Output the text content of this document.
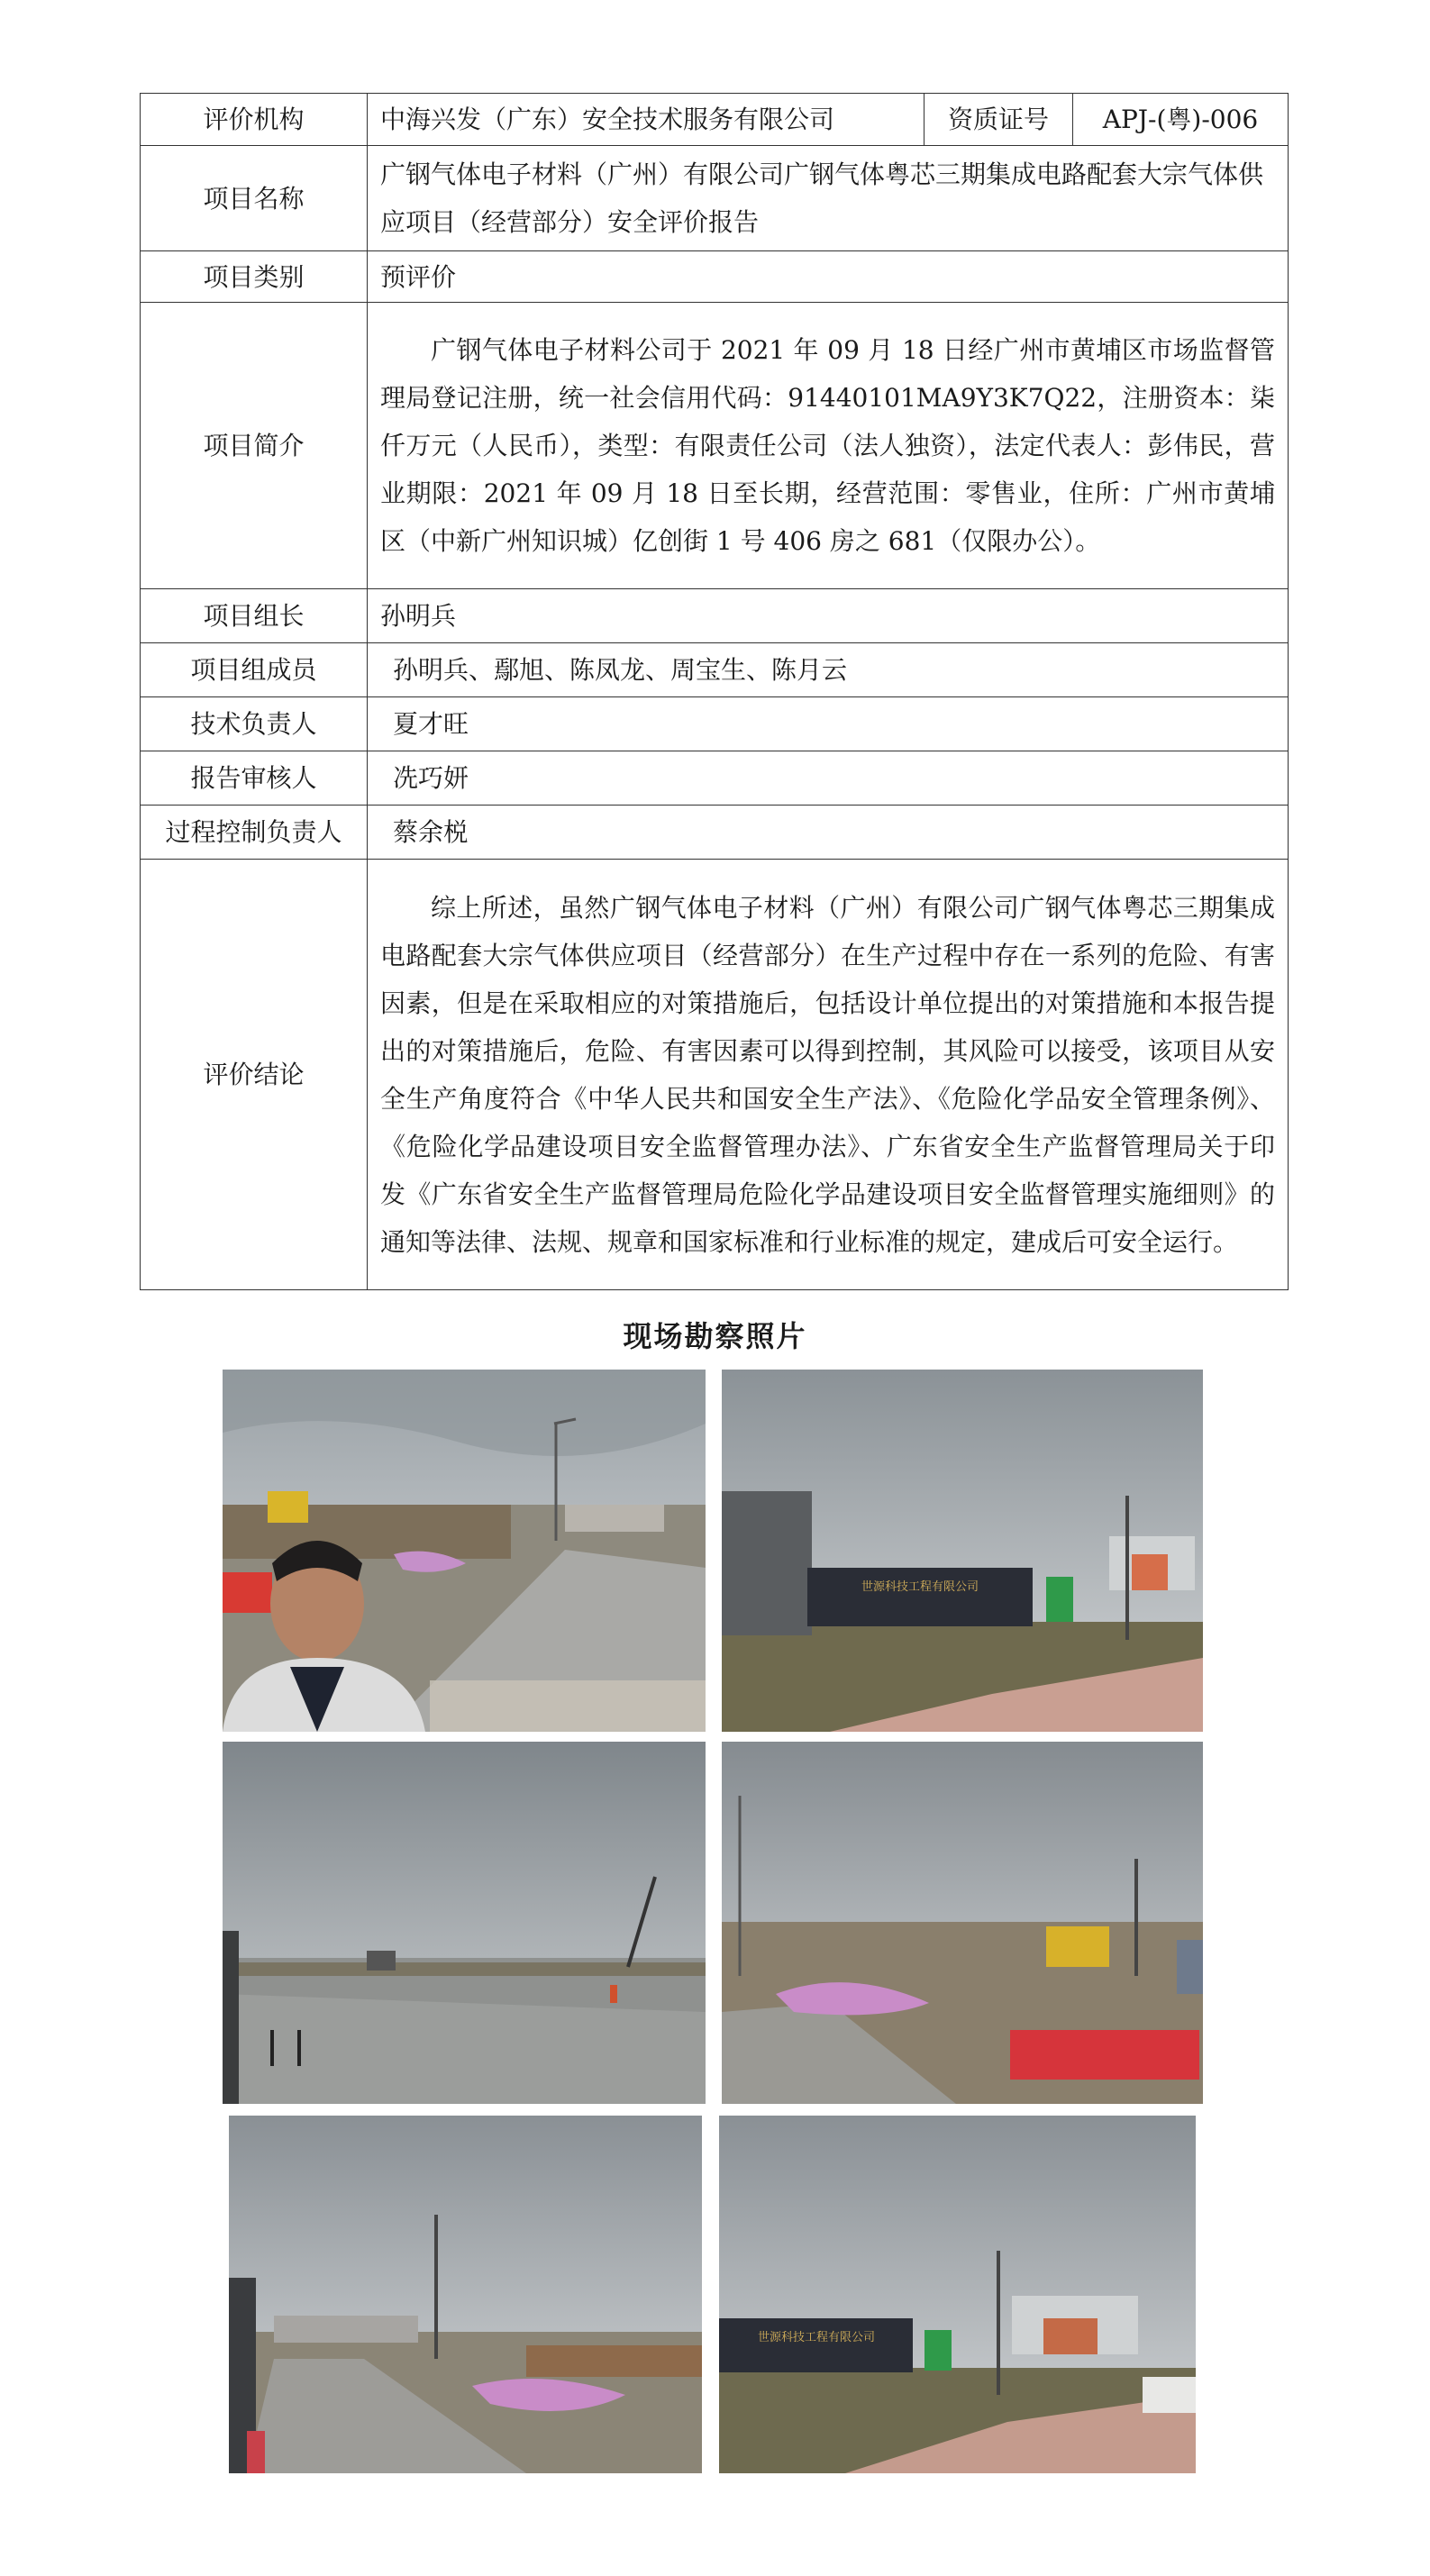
评价机构	中海兴发（广东）安全技术服务有限公司	资质证号	APJ-(粤)-006
项目名称	广钢气体电子材料（广州）有限公司广钢气体粤芯三期集成电路配套大宗气体供应项目（经营部分）安全评价报告		
项目类别	预评价		
项目简介	广钢气体电子材料公司于 2021 年 09 月 18 日经广州市黄埔区市场监督管理局登记注册，统一社会信用代码：91440101MA9Y3K7Q22，注册资本：柒仟万元（人民币），类型：有限责任公司（法人独资），法定代表人：彭伟民，营业期限：2021 年 09 月 18 日至长期，经营范围：零售业，住所：广州市黄埔区（中新广州知识城）亿创街 1 号 406 房之 681（仅限办公）。		
项目组长	孙明兵		
项目组成员	孙明兵、鄢旭、陈凤龙、周宝生、陈月云		
技术负责人	夏才旺		
报告审核人	冼巧妍		
过程控制负责人	蔡余棁		
评价结论	综上所述，虽然广钢气体电子材料（广州）有限公司广钢气体粤芯三期集成电路配套大宗气体供应项目（经营部分）在生产过程中存在一系列的危险、有害因素，但是在采取相应的对策措施后，包括设计单位提出的对策措施和本报告提出的对策措施后，危险、有害因素可以得到控制，其风险可以接受，该项目从安全生产角度符合《中华人民共和国安全生产法》、《危险化学品安全管理条例》、《危险化学品建设项目安全监督管理办法》、广东省安全生产监督管理局关于印发《广东省安全生产监督管理局危险化学品建设项目安全监督管理实施细则》的通知等法律、法规、规章和国家标准和行业标准的规定，建成后可安全运行。		
现场勘察照片
世源科技工程有限公司
世源科技工程有限公司
